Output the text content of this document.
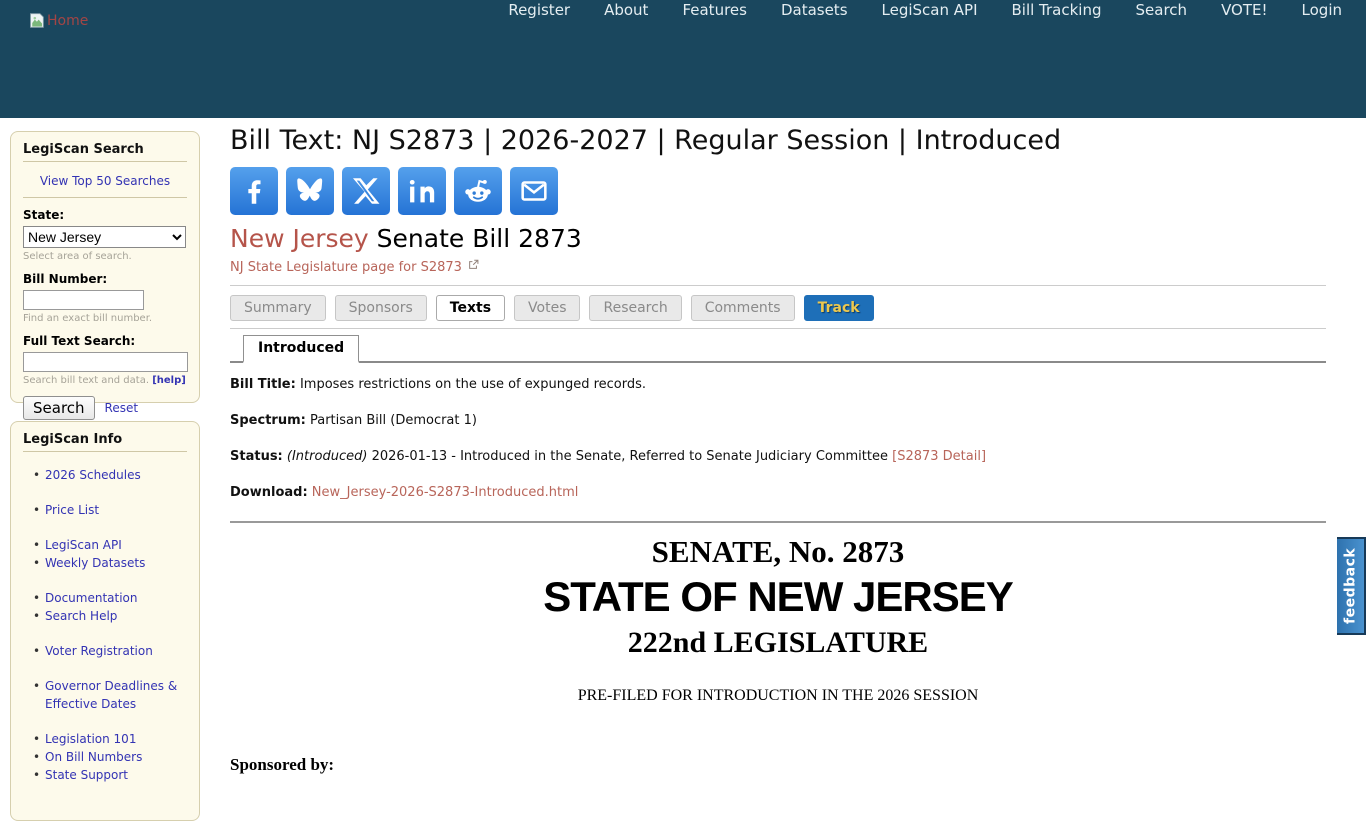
Home
Register About Features Datasets LegiScan API Bill Tracking Search VOTE! Login
LegiScan Search
View Top 50 Searches
State:
New Jersey
Select area of search.
Bill Number:
Find an exact bill number.
Full Text Search:
Search bill text and data. [help]
Search	Reset
LegiScan Info
• 2026 Schedules
• Price List
• LegiScan API
• Weekly Datasets
• Documentation
• Search Help
• Voter Registration
• Governor Deadlines & Effective Dates
• Legislation 101
• On Bill Numbers
• State Support
Bill Text: NJ S2873 | 2026-2027 | Regular Session | Introduced
New Jersey Senate Bill 2873
NJ State Legislature page for S2873
Summary	Sponsors	Texts	Votes	Research	Comments	Track
Introduced

Bill Title: Imposes restrictions on the use of expunged records.

Spectrum: Partisan Bill (Democrat 1)

Status: (Introduced) 2026-01-13 - Introduced in the Senate, Referred to Senate Judiciary Committee [S2873 Detail]

Download: New_Jersey-2026-S2873-Introduced.html

SENATE, No. 2873
STATE OF NEW JERSEY
222nd LEGISLATURE
PRE-FILED FOR INTRODUCTION IN THE 2026 SESSION
Sponsored by:
feedback
